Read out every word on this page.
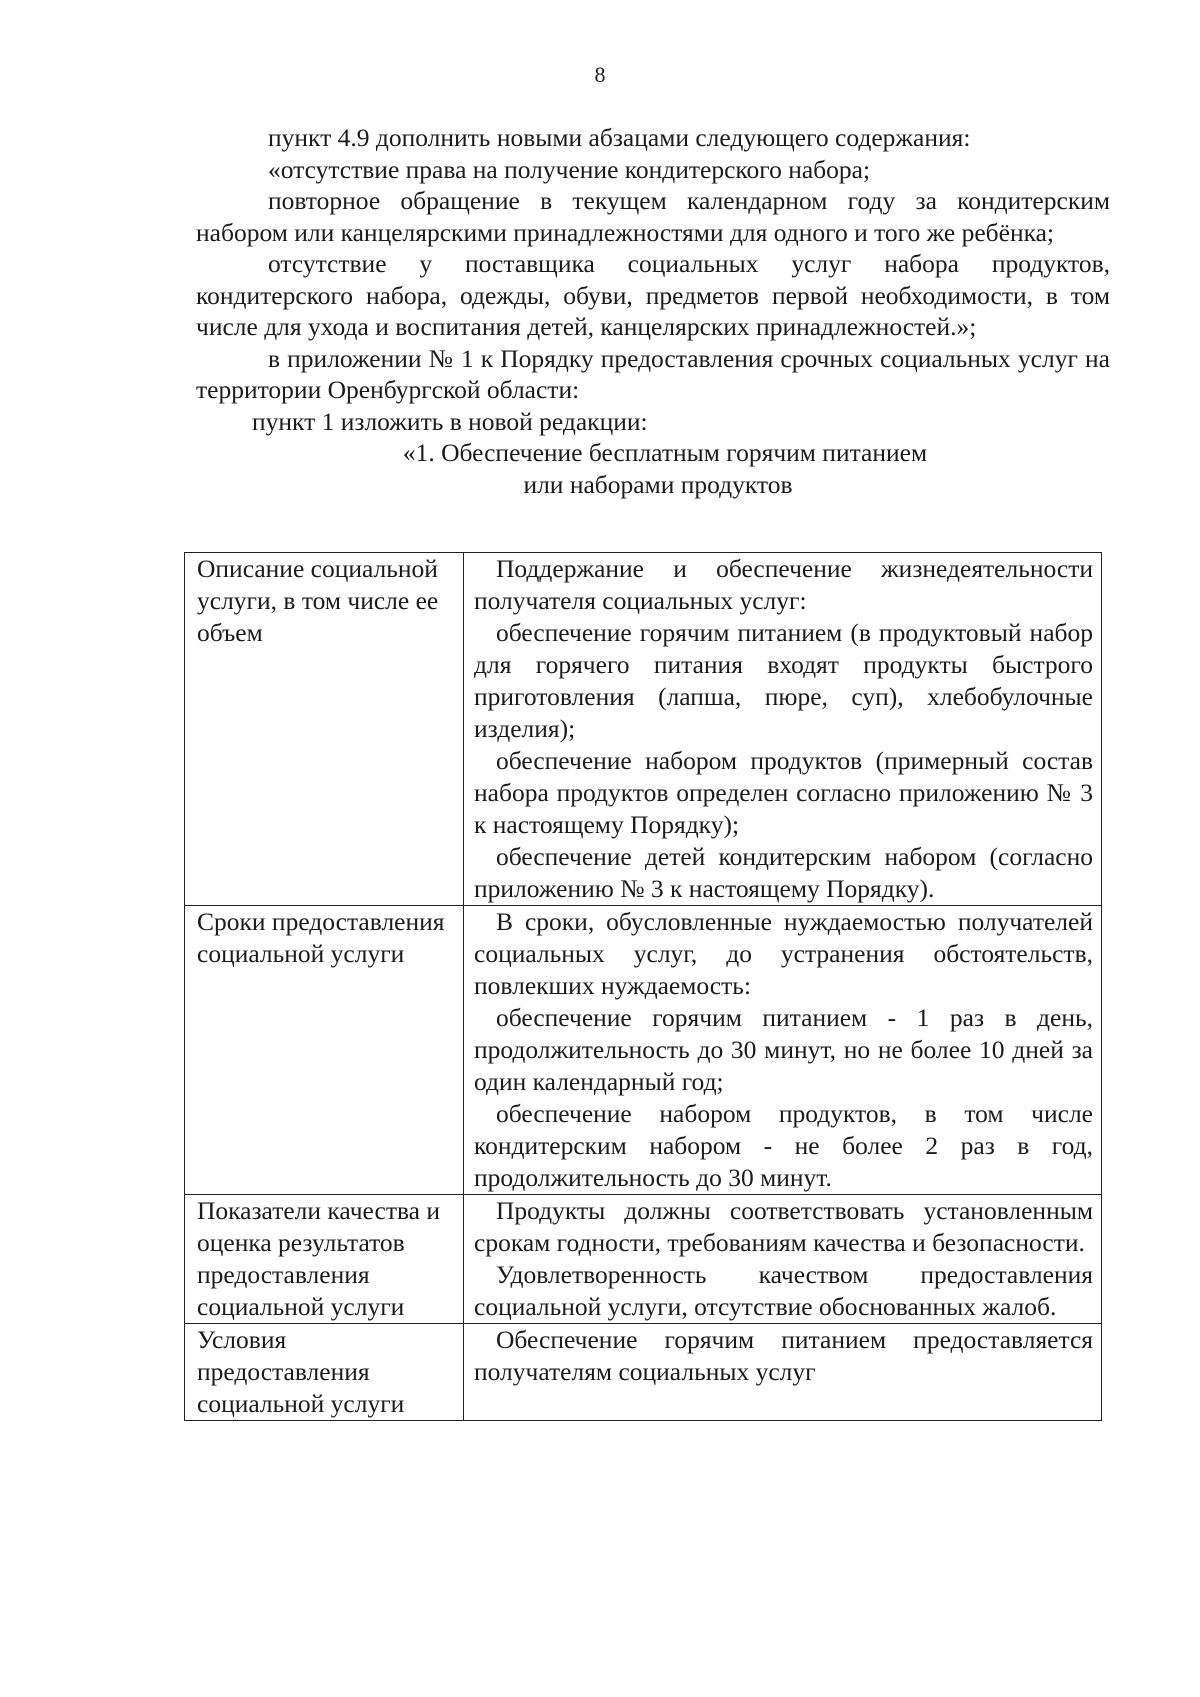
8

пункт 4.9 дополнить новыми абзацами следующего содержания:

«отсутствие права на получение кондитерского набора;

повторное обращение в текущем календарном году за кондитерским набором или канцелярскими принадлежностями для одного и того же ребёнка;

отсутствие у поставщика социальных услуг набора продуктов, кондитерского набора, одежды, обуви, предметов первой необходимости, в том числе для ухода и воспитания детей, канцелярских принадлежностей.»;

в приложении № 1 к Порядку предоставления срочных социальных услуг на территории Оренбургской области:

пункт 1 изложить в новой редакции:

«1. Обеспечение бесплатным горячим питанием
или наборами продуктов
Описание социальной услуги, в том числе ее объем	Поддержание и обеспечение жизнедеятельности получателя социальных услуг:

обеспечение горячим питанием (в продуктовый набор для горячего питания входят продукты быстрого приготовления (лапша, пюре, суп), хлебобулочные изделия);

обеспечение набором продуктов (примерный состав набора продуктов определен согласно приложению № 3 к настоящему Порядку);

обеспечение детей кондитерским набором (согласно приложению № 3 к настоящему Порядку).

Сроки предоставления социальной услуги	В сроки, обусловленные нуждаемостью получателей социальных услуг, до устранения обстоятельств, повлекших нуждаемость:

обеспечение горячим питанием - 1 раз в день, продолжительность до 30 минут, но не более 10 дней за один календарный год;

обеспечение набором продуктов, в том числе кондитерским набором - не более 2 раз в год, продолжительность до 30 минут.

Показатели качества и оценка результатов предоставления социальной услуги	Продукты должны соответствовать установленным срокам годности, требованиям качества и безопасности.

Удовлетворенность качеством предоставления социальной услуги, отсутствие обоснованных жалоб.

Условия предоставления социальной услуги	Обеспечение горячим питанием предоставляется получателям социальных услуг
